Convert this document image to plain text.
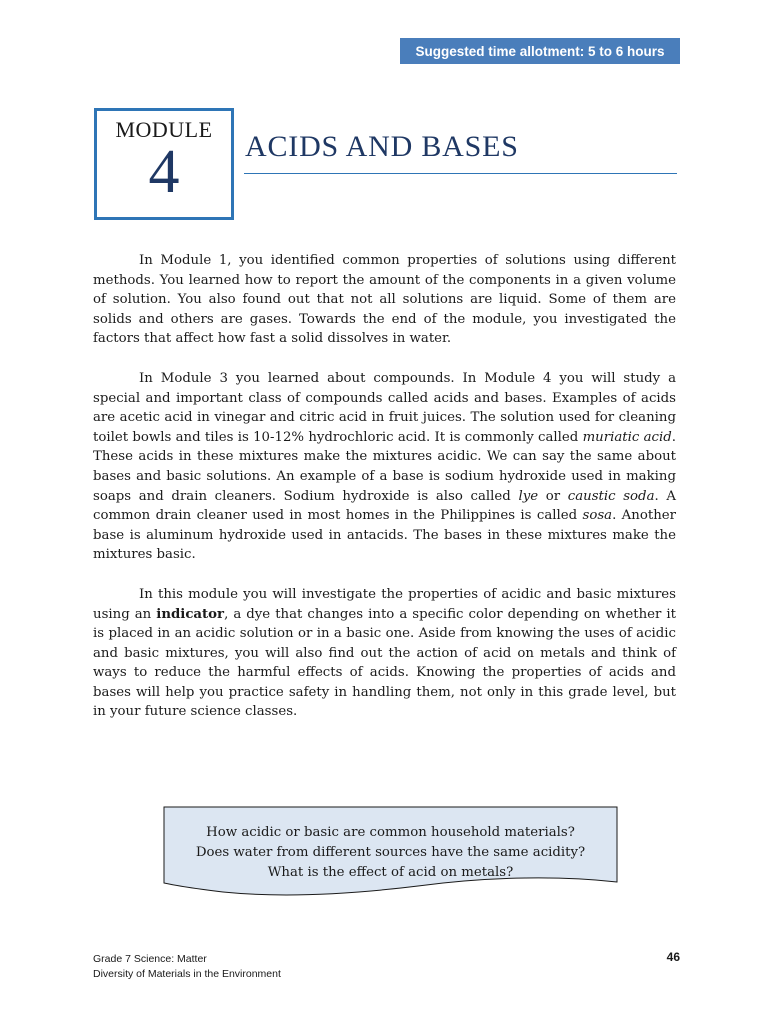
Suggested time allotment: 5 to 6 hours
MODULE
4	ACIDS AND BASES

In Module 1, you identified common properties of solutions using different methods. You learned how to report the amount of the components in a given volume of solution. You also found out that not all solutions are liquid. Some of them are solids and others are gases. Towards the end of the module, you investigated the factors that affect how fast a solid dissolves in water.

In Module 3 you learned about compounds. In Module 4 you will study a special and important class of compounds called acids and bases. Examples of acids are acetic acid in vinegar and citric acid in fruit juices. The solution used for cleaning toilet bowls and tiles is 10-12% hydrochloric acid. It is commonly called muriatic acid. These acids in these mixtures make the mixtures acidic. We can say the same about bases and basic solutions. An example of a base is sodium hydroxide used in making soaps and drain cleaners. Sodium hydroxide is also called lye or caustic soda. A common drain cleaner used in most homes in the Philippines is called sosa. Another base is aluminum hydroxide used in antacids. The bases in these mixtures make the mixtures basic.

In this module you will investigate the properties of acidic and basic mixtures using an indicator, a dye that changes into a specific color depending on whether it is placed in an acidic solution or in a basic one. Aside from knowing the uses of acidic and basic mixtures, you will also find out the action of acid on metals and think of ways to reduce the harmful effects of acids. Knowing the properties of acids and bases will help you practice safety in handling them, not only in this grade level, but in your future science classes.

How acidic or basic are common household materials?
Does water from different sources have the same acidity?
What is the effect of acid on metals?
Grade 7 Science: Matter
Diversity of Materials in the Environment
46
